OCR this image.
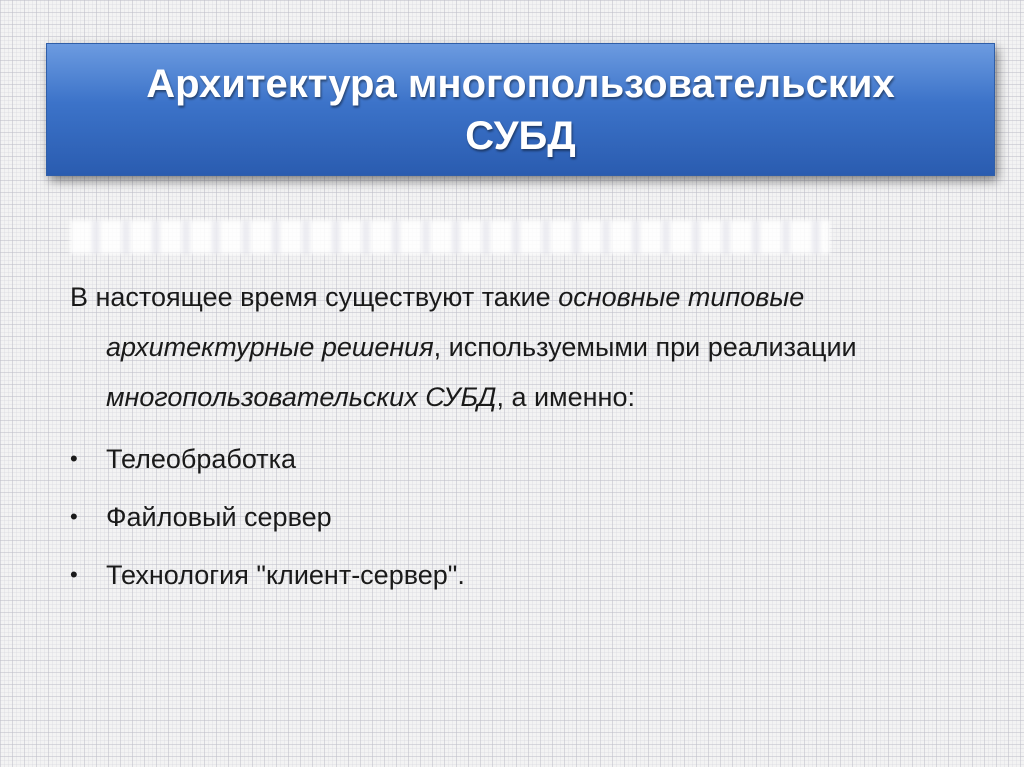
Архитектура многопользовательских
СУБД

В настоящее время существуют такие основные типовые архитектурные решения, используемыми при реализации многопользовательских СУБД, а именно:

• Телеобработка
• Файловый сервер
• Технология "клиент-сервер".
